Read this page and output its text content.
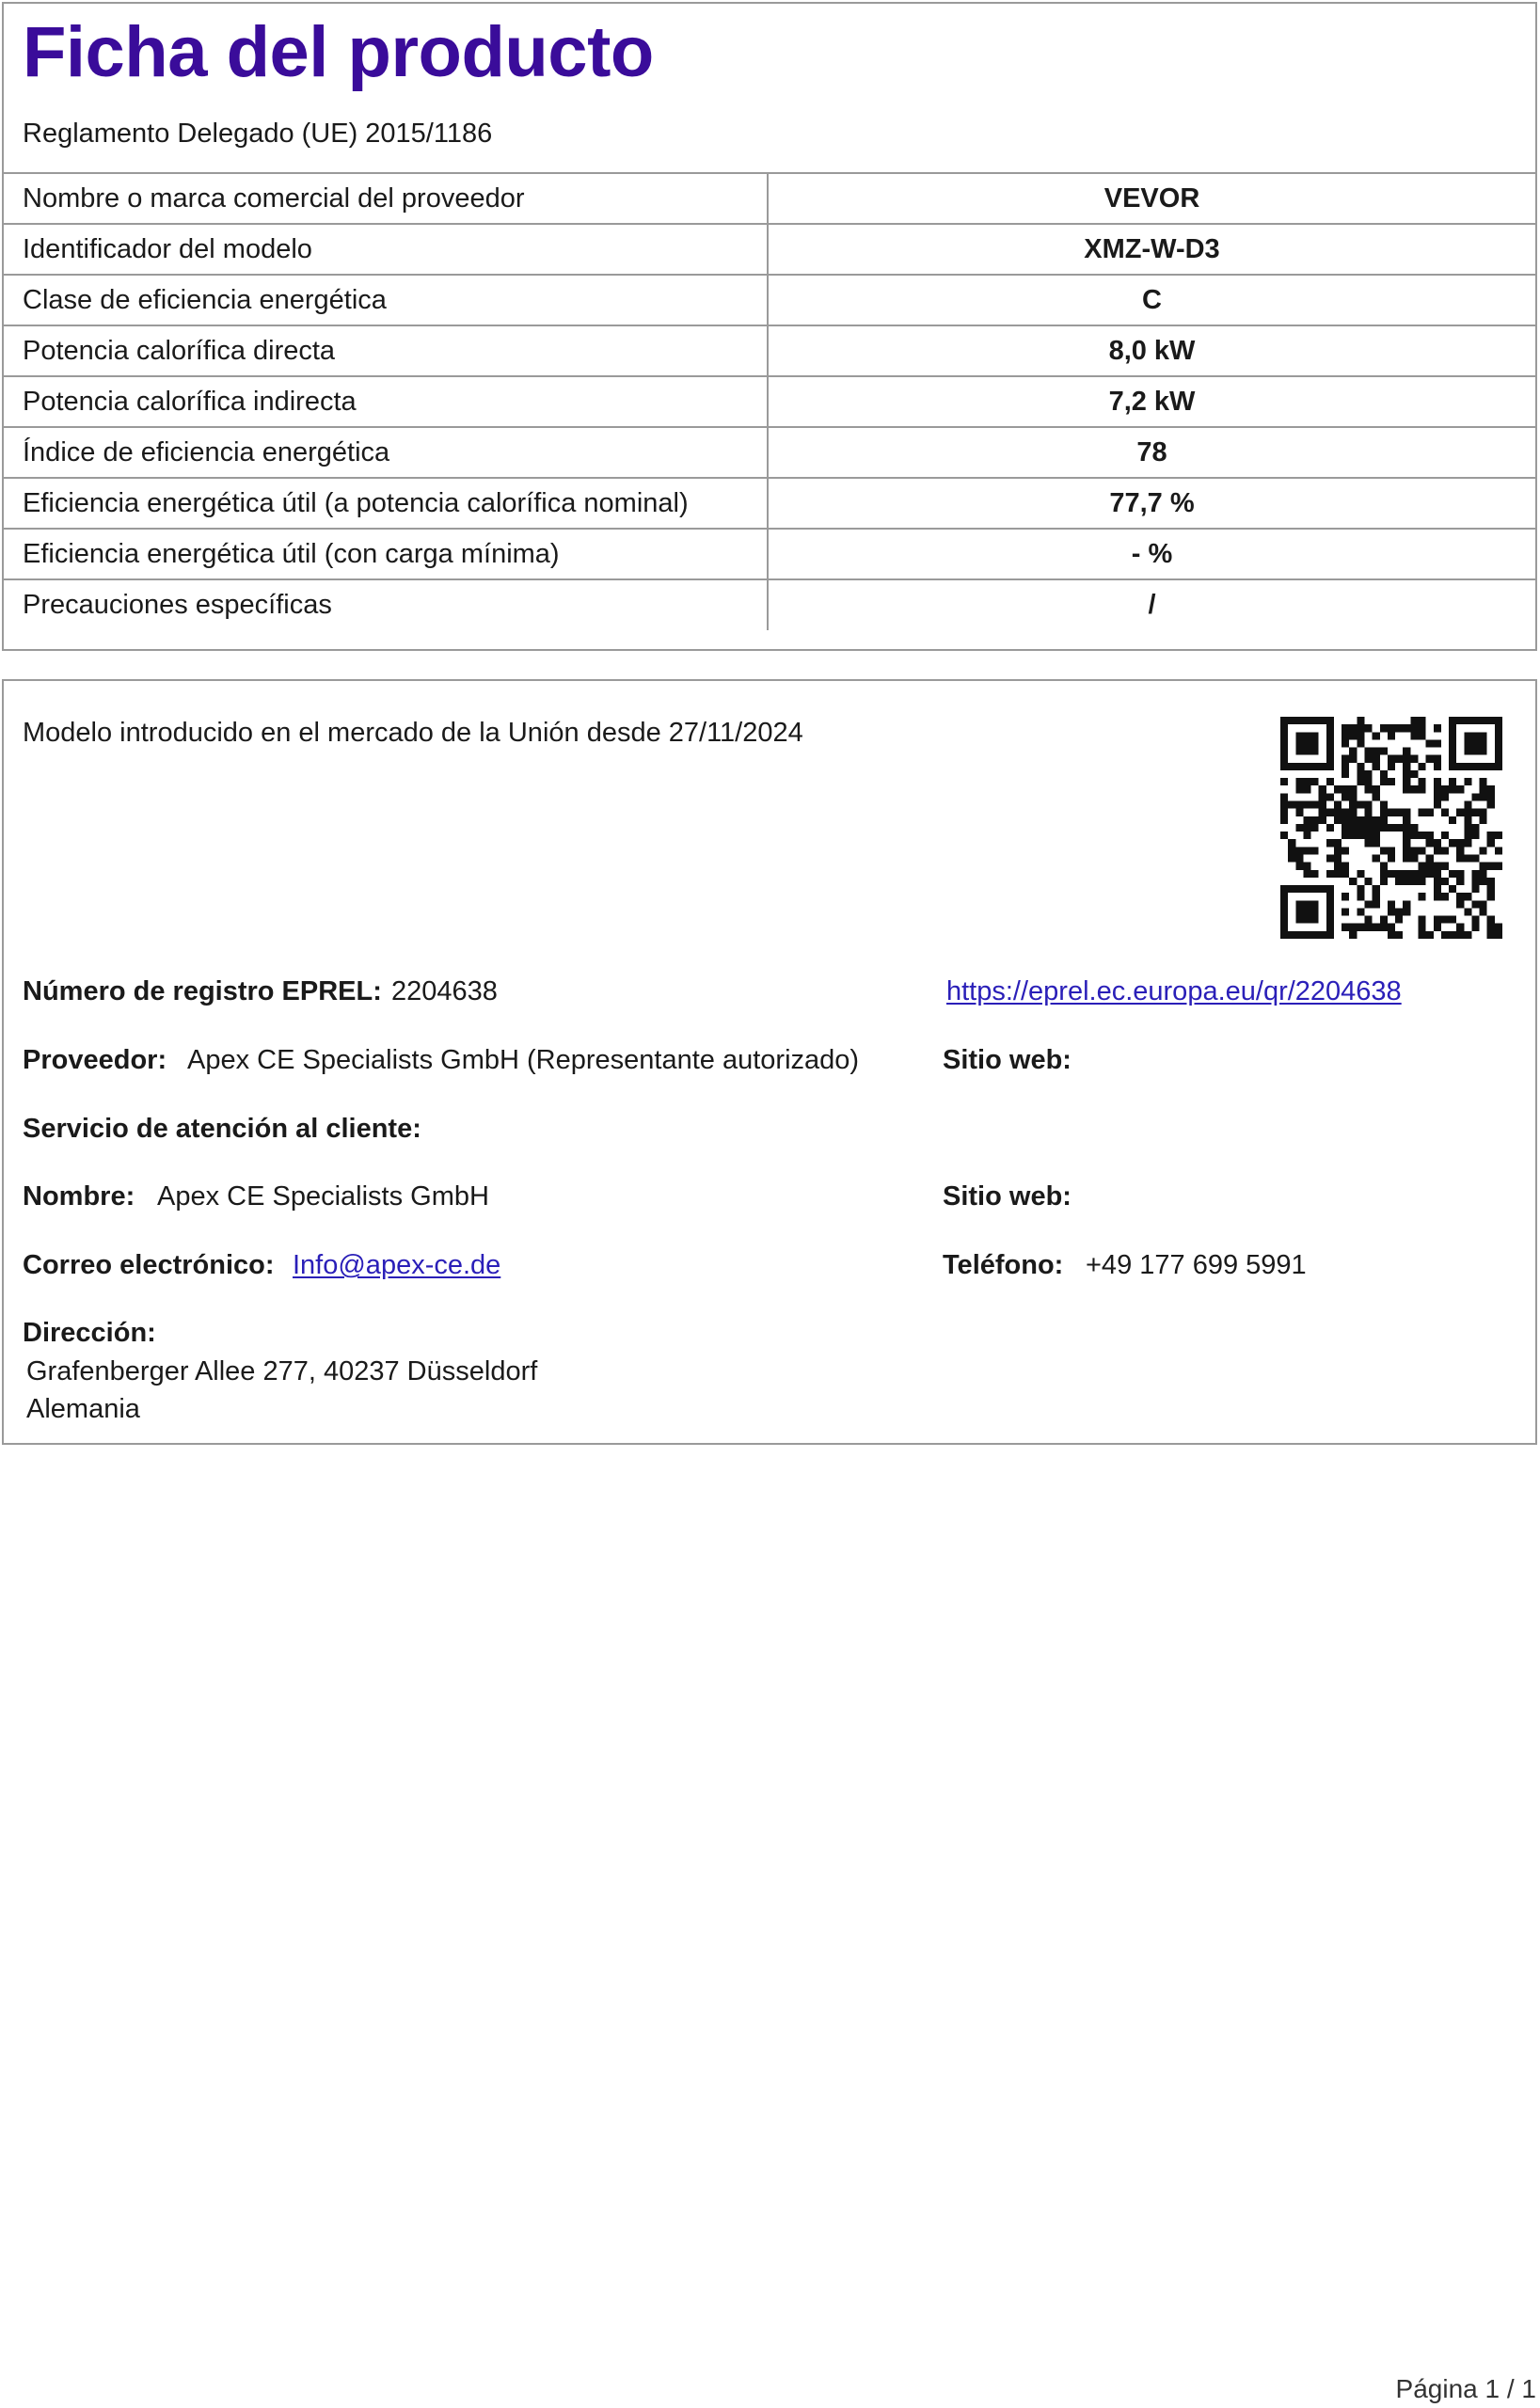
Ficha del producto
Reglamento Delegado (UE) 2015/1186
Nombre o marca comercial del proveedor	VEVOR
Identificador del modelo	XMZ-W-D3
Clase de eficiencia energética	C
Potencia calorífica directa	8,0 kW
Potencia calorífica indirecta	7,2 kW
Índice de eficiencia energética	78
Eficiencia energética útil (a potencia calorífica nominal)	77,7 %
Eficiencia energética útil (con carga mínima)	- %
Precauciones específicas	/
Modelo introducido en el mercado de la Unión desde 27/11/2024
Número de registro EPREL: 2204638	https://eprel.ec.europa.eu/qr/2204638
Proveedor: Apex CE Specialists GmbH (Representante autorizado)	Sitio web:
Servicio de atención al cliente:
Nombre: Apex CE Specialists GmbH	Sitio web:
Correo electrónico: Info@apex-ce.de	Teléfono: +49 177 699 5991
Dirección:
Grafenberger Allee 277, 40237 Düsseldorf
Alemania
Página 1 / 1
